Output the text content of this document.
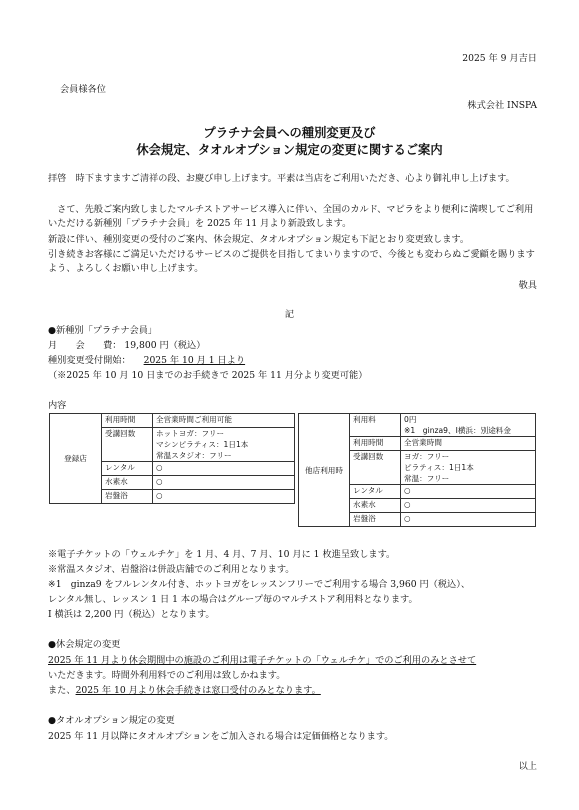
2025 年 9 月吉日
会員様各位
株式会社 INSPA
プラチナ会員への種別変更及び
休会規定、タオルオプション規定の変更に関するご案内
拝啓　時下ますますご清祥の段、お慶び申し上げます。平素は当店をご利用いただき、心より御礼申し上げます。
　さて、先般ご案内致しましたマルチストアサービス導入に伴い、全国のカルド、マピラをより便利に満喫してご利用いただける新種別「プラチナ会員」を 2025 年 11 月より新設致します。
新設に伴い、種別変更の受付のご案内、休会規定、タオルオプション規定も下記とおり変更致します。
引き続きお客様にご満足いただけるサービスのご提供を目指してまいりますので、今後とも変わらぬご愛顧を賜りますよう、よろしくお願い申し上げます。
敬具
記
●新種別「プラチナ会員」
月　　会　　費： 19,800 円（税込）
種別変更受付開始： 2025 年 10 月 1 日より
（※2025 年 10 月 10 日までのお手続きで 2025 年 11 月分より変更可能）
内容
登録店	利用時間	全営業時間ご利用可能
	受講回数	ホットヨガ：フリー
マシンピラティス：1日1本
常温スタジオ：フリー

	レンタル	○
	水素水	○
	岩盤浴	○
他店利用時	利用料	0円
※1　ginza9、I横浜：別途料金

	利用時間	全営業時間
	受講回数	ヨガ：フリー
ピラティス：1日1本
常温：フリー

	レンタル	○
	水素水	○
	岩盤浴	○
※電子チケットの「ウェルチケ」を 1 月、4 月、7 月、10 月に 1 枚進呈致します。
※常温スタジオ、岩盤浴は併設店舗でのご利用となります。
※1　ginza9 をフルレンタル付き、ホットヨガをレッスンフリーでご利用する場合 3,960 円（税込）、
レンタル無し、レッスン 1 日 1 本の場合はグループ毎のマルチストア利用料となります。
I 横浜は 2,200 円（税込）となります。
●休会規定の変更
2025 年 11 月より休会期間中の施設のご利用は電子チケットの「ウェルチケ」でのご利用のみとさせて
いただきます。時間外利用料でのご利用は致しかねます。
また、2025 年 10 月より休会手続きは窓口受付のみとなります。
●タオルオプション規定の変更
2025 年 11 月以降にタオルオプションをご加入される場合は定価価格となります。
以上
